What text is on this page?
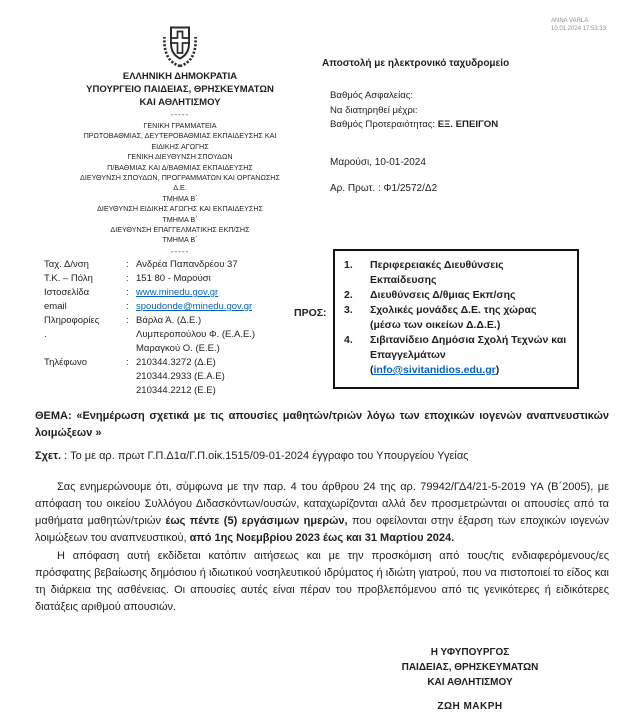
ANNA VARLA
10.01.2024 17:53:33
ΕΛΛΗΝΙΚΗ ΔΗΜΟΚΡΑΤΙΑ
ΥΠΟΥΡΓΕΙΟ ΠΑΙΔΕΙΑΣ, ΘΡΗΣΚΕΥΜΑΤΩΝ
ΚΑΙ ΑΘΛΗΤΙΣΜΟΥ
-----
ΓΕΝΙΚΗ ΓΡΑΜΜΑΤΕΙΑ
ΠΡΩΤΟΒΑΘΜΙΑΣ, ΔΕΥΤΕΡΟΒΑΘΜΙΑΣ ΕΚΠΑΙΔΕΥΣΗΣ ΚΑΙ
ΕΙΔΙΚΗΣ ΑΓΩΓΗΣ
ΓΕΝΙΚΗ ΔΙΕΥΘΥΝΣΗ ΣΠΟΥΔΩΝ
Π/ΒΑΘΜΙΑΣ ΚΑΙ Δ/ΒΑΘΜΙΑΣ ΕΚΠΑΙΔΕΥΣΗΣ
ΔΙΕΥΘΥΝΣΗ ΣΠΟΥΔΩΝ, ΠΡΟΓΡΑΜΜΑΤΩΝ ΚΑΙ ΟΡΓΑΝΩΣΗΣ
Δ.Ε.
ΤΜΗΜΑ Β΄
ΔΙΕΥΘΥΝΣΗ ΕΙΔΙΚΗΣ ΑΓΩΓΗΣ ΚΑΙ ΕΚΠΑΙΔΕΥΣΗΣ
ΤΜΗΜΑ Β΄
ΔΙΕΥΘΥΝΣΗ ΕΠΑΓΓΕΛΜΑΤΙΚΗΣ ΕΚΠ/ΣΗΣ
ΤΜΗΜΑ Β΄
-----
Αποστολή με ηλεκτρονικό ταχυδρομείο
Βαθμός Ασφαλείας:
Να διατηρηθεί μέχρι:
Βαθμός Προτεραιότητας: ΕΞ. ΕΠΕΙΓΟΝ
Μαρούσι, 10-01-2024
Αρ. Πρωτ. : Φ1/2572/Δ2
Ταχ. Δ/νση	: Ανδρέα Παπανδρέου 37
Τ.Κ. – Πόλη	: 151 80 - Μαρούσι
Ιστοσελίδα	: www.minedu.gov.gr
email	: spoudonde@minedu.gov.gr
Πληροφορίες	: Βάρλα Ά. (Δ.Ε.)
.	Λυμπεροπούλου Φ. (Ε.Α.Ε.)
Μαραγκού Ο. (Ε.Ε.)
Τηλέφωνο	: 210344.3272 (Δ.Ε)
210344.2933 (Ε.Α.Ε)
210344.2212 (Ε.Ε)
ΠΡΟΣ:
1.	Περιφερειακές Διευθύνσεις
Εκπαίδευσης
2.	Διευθύνσεις Δ/θμιας Εκπ/σης
3.	Σχολικές μονάδες Δ.Ε. της χώρας
(μέσω των οικείων Δ.Δ.Ε.)
4.	Σιβιτανίδειο Δημόσια Σχολή Τεχνών και
Επαγγελμάτων
(info@sivitanidios.edu.gr)
ΘΕΜΑ: «Ενημέρωση σχετικά με τις απουσίες μαθητών/τριών λόγω των εποχικών ιογενών αναπνευστικών λοιμώξεων »
Σχετ. : Το με αρ. πρωτ Γ.Π.Δ1α/Γ.Π.οίκ.1515/09-01-2024 έγγραφο του Υπουργείου Υγείας
Σας ενημερώνουμε ότι, σύμφωνα με την παρ. 4 του άρθρου 24 της αρ. 79942/ΓΔ4/21-5-2019 ΥΑ (Β΄2005), με απόφαση του οικείου Συλλόγου Διδασκόντων/ουσών, καταχωρίζονται αλλά δεν προσμετρώνται οι απουσίες από τα μαθήματα μαθητών/τριών έως πέντε (5) εργάσιμων ημερών, που οφείλονται στην έξαρση των εποχικών ιογενών λοιμώξεων του αναπνευστικού, από 1ης Νοεμβρίου 2023 έως και 31 Μαρτίου 2024.
Η απόφαση αυτή εκδίδεται κατόπιν αιτήσεως και με την προσκόμιση από τους/τις ενδιαφερόμενους/ες πρόσφατης βεβαίωσης δημόσιου ή ιδιωτικού νοσηλευτικού ιδρύματος ή ιδιώτη γιατρού, που να πιστοποιεί το είδος και τη διάρκεια της ασθένειας. Οι απουσίες αυτές είναι πέραν του προβλεπόμενου από τις γενικότερες ή ειδικότερες διατάξεις αριθμού απουσιών.
Η ΥΦΥΠΟΥΡΓΟΣ
ΠΑΙΔΕΙΑΣ, ΘΡΗΣΚΕΥΜΑΤΩΝ
ΚΑΙ ΑΘΛΗΤΙΣΜΟΥ
ΖΩΗ ΜΑΚΡΗ
